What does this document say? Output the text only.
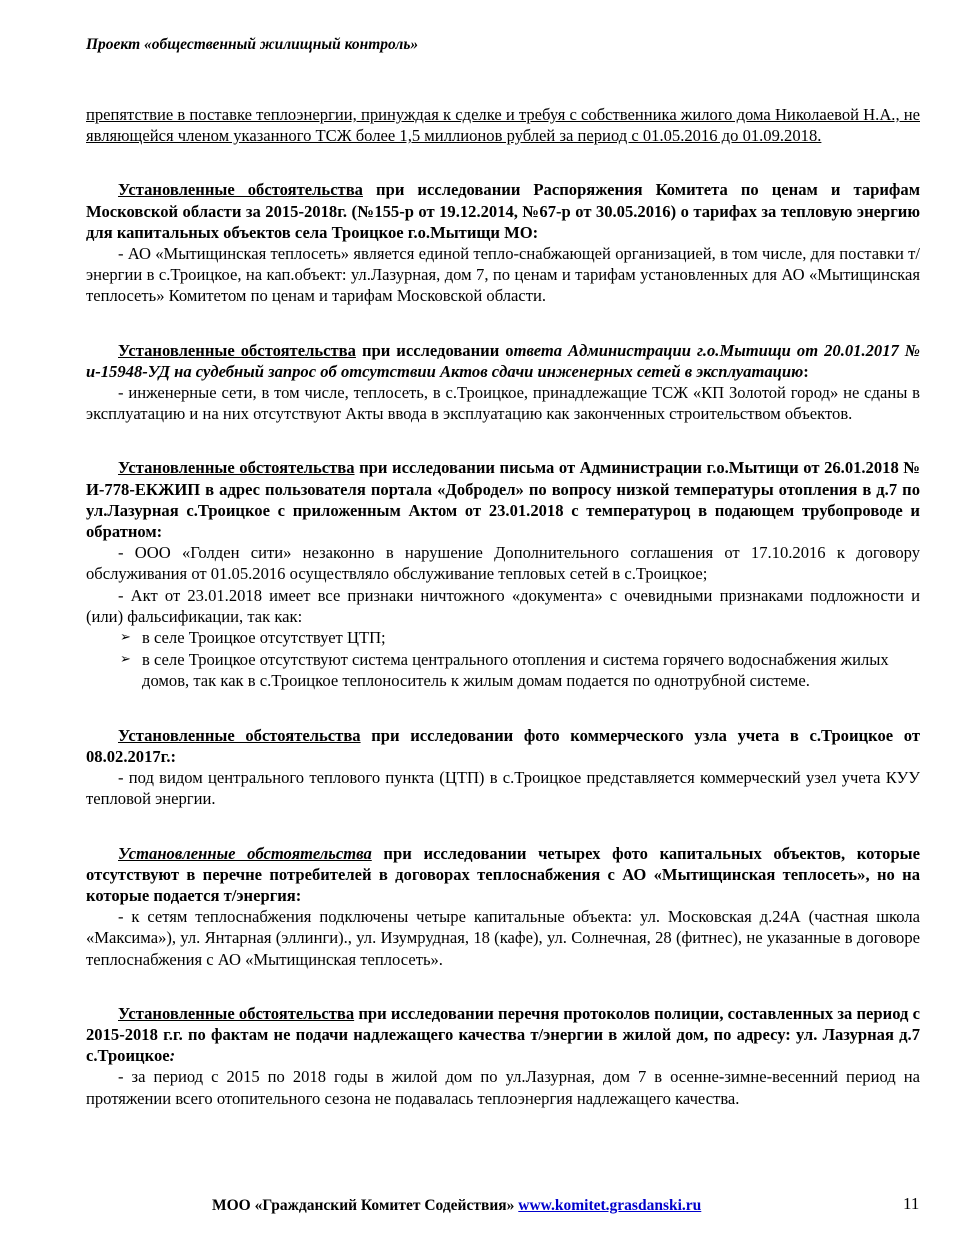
Проект «общественный жилищный контроль»

препятствие в поставке теплоэнергии, принуждая к сделке и требуя с собственника жилого дома Николаевой Н.А., не являющейся членом указанного ТСЖ более 1,5 миллионов рублей за период с 01.05.2016 до 01.09.2018.

Установленные обстоятельства при исследовании Распоряжения Комитета по ценам и тарифам Московской области за 2015-2018г. (№155-р от 19.12.2014, №67-р от 30.05.2016) о тарифах за тепловую энергию для капитальных объектов села Троицкое г.о.Мытищи МО:

- АО «Мытищинская теплосеть» является единой тепло-снабжающей организацией, в том числе, для поставки т/энергии в с.Троицкое, на кап.объект: ул.Лазурная, дом 7, по ценам и тарифам установленных для АО «Мытищинская теплосеть» Комитетом по ценам и тарифам Московской области.

Установленные обстоятельства при исследовании ответа Администрации г.о.Мытищи от 20.01.2017 № и-15948-УД на судебный запрос об отсутствии Актов сдачи инженерных сетей в эксплуатацию:

- инженерные сети, в том числе, теплосеть, в с.Троицкое, принадлежащие ТСЖ «КП Золотой город» не сданы в эксплуатацию и на них отсутствуют Акты ввода в эксплуатацию как законченных строительством объектов.

Установленные обстоятельства при исследовании письма от Администрации г.о.Мытищи от 26.01.2018 № И-778-ЕКЖИП в адрес пользователя портала «Добродел» по вопросу низкой температуры отопления в д.7 по ул.Лазурная с.Троицкое с приложенным Актом от 23.01.2018 с температуроц в подающем трубопроводе и обратном:

- ООО «Голден сити» незаконно в нарушение Дополнительного соглашения от 17.10.2016 к договору обслуживания от 01.05.2016 осуществляло обслуживание тепловых сетей в с.Троицкое;

- Акт от 23.01.2018 имеет все признаки ничтожного «документа» с очевидными признаками подложности и (или) фальсификации, так как:

➢ в селе Троицкое отсутствует ЦТП;
➢ в селе Троицкое отсутствуют система центрального отопления и система горячего водоснабжения жилых домов, так как в с.Троицкое теплоноситель к жилым домам подается по однотрубной системе.

Установленные обстоятельства при исследовании фото коммерческого узла учета в с.Троицкое от 08.02.2017г.:

- под видом центрального теплового пункта (ЦТП) в с.Троицкое представляется коммерческий узел учета КУУ тепловой энергии.

Установленные обстоятельства при исследовании четырех фото капитальных объектов, которые отсутствуют в перечне потребителей в договорах теплоснабжения с АО «Мытищинская теплосеть», но на которые подается т/энергия:

- к сетям теплоснабжения подключены четыре капитальные объекта: ул. Московская д.24А (частная школа «Максима»), ул. Янтарная (эллинги)., ул. Изумрудная, 18 (кафе), ул. Солнечная, 28 (фитнес), не указанные в договоре теплоснабжения с АО «Мытищинская теплосеть».

Установленные обстоятельства при исследовании перечня протоколов полиции, составленных за период с 2015-2018 г.г. по фактам не подачи надлежащего качества т/энергии в жилой дом, по адресу: ул. Лазурная д.7 с.Троицкое:

- за период с 2015 по 2018 годы в жилой дом по ул.Лазурная, дом 7 в осенне-зимне-весенний период на протяжении всего отопительного сезона не подавалась теплоэнергия надлежащего качества.

МОО «Гражданский Комитет Содействия» www.komitet.grasdanski.ru	11
